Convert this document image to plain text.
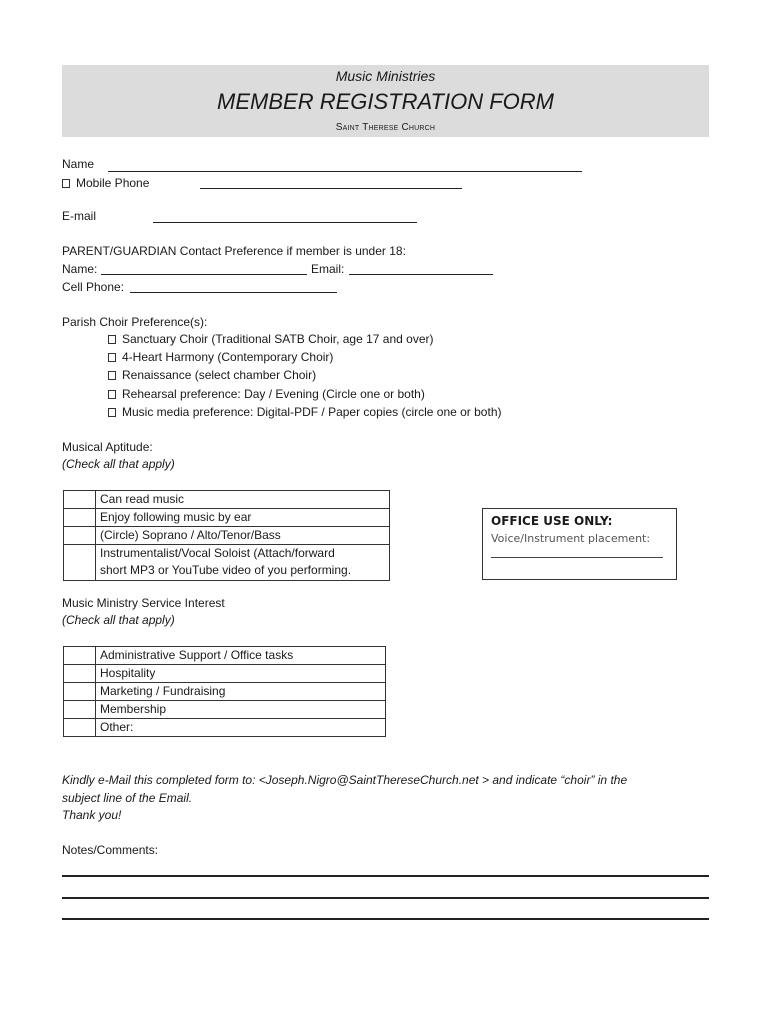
Music Ministries
MEMBER REGISTRATION FORM
Saint Therese Church
Name
Mobile Phone
E-mail
PARENT/GUARDIAN Contact Preference if member is under 18:
Name:	Email:
Cell Phone:
Parish Choir Preference(s):
Sanctuary Choir (Traditional SATB Choir, age 17 and over)
4-Heart Harmony (Contemporary Choir)
Renaissance (select chamber Choir)
Rehearsal preference: Day / Evening (Circle one or both)
Music media preference: Digital-PDF / Paper copies (circle one or both)
Musical Aptitude:
(Check all that apply)
	Can read music
	Enjoy following music by ear
	(Circle) Soprano / Alto/Tenor/Bass
	Instrumentalist/Vocal Soloist (Attach/forward
short MP3 or YouTube video of you performing.
OFFICE USE ONLY:
Voice/Instrument placement:
Music Ministry Service Interest
(Check all that apply)
	Administrative Support / Office tasks
	Hospitality
	Marketing / Fundraising
	Membership
	Other:
Kindly e-Mail this completed form to: <Joseph.Nigro@SaintThereseChurch.net > and indicate “choir” in the
subject line of the Email.
Thank you!
Notes/Comments:
